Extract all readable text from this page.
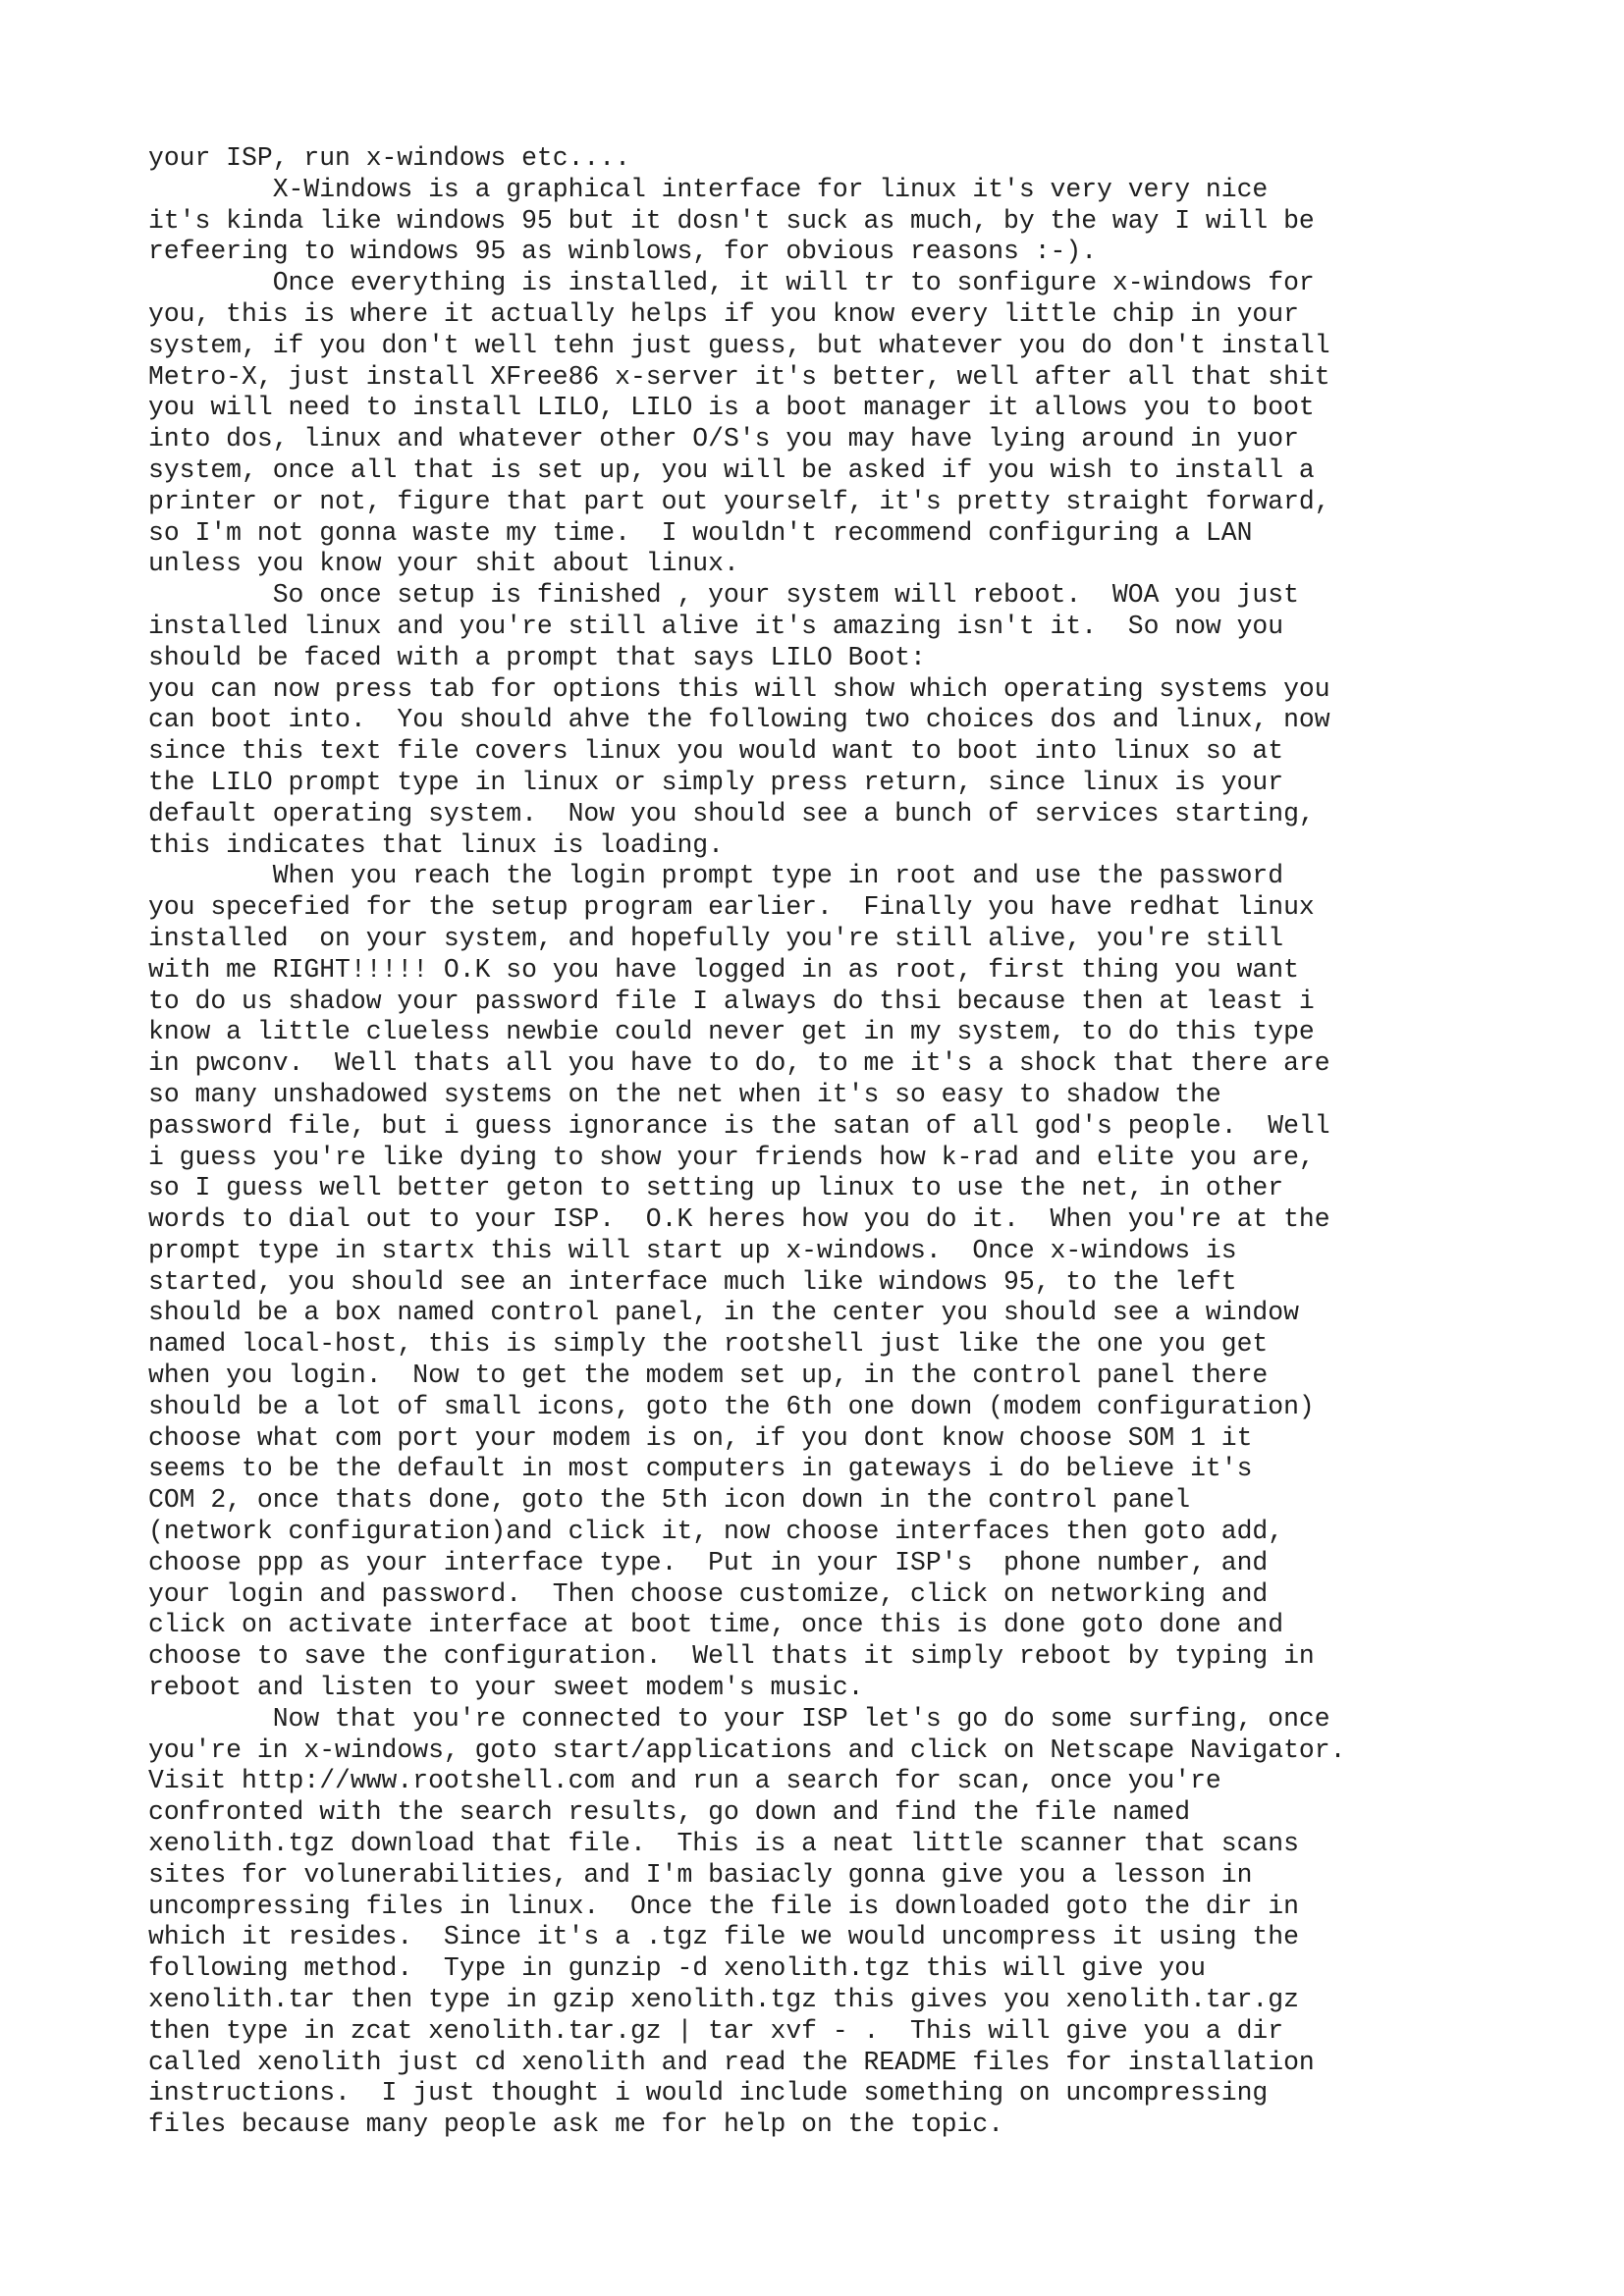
your ISP, run x-windows etc....
X-Windows is a graphical interface for linux it's very very nice
it's kinda like windows 95 but it dosn't suck as much, by the way I will be
refeering to windows 95 as winblows, for obvious reasons :-).
Once everything is installed, it will tr to sonfigure x-windows for
you, this is where it actually helps if you know every little chip in your
system, if you don't well tehn just guess, but whatever you do don't install
Metro-X, just install XFree86 x-server it's better, well after all that shit
you will need to install LILO, LILO is a boot manager it allows you to boot
into dos, linux and whatever other O/S's you may have lying around in yuor
system, once all that is set up, you will be asked if you wish to install a
printer or not, figure that part out yourself, it's pretty straight forward,
so I'm not gonna waste my time.  I wouldn't recommend configuring a LAN
unless you know your shit about linux.
So once setup is finished , your system will reboot.  WOA you just
installed linux and you're still alive it's amazing isn't it.  So now you
should be faced with a prompt that says LILO Boot:
you can now press tab for options this will show which operating systems you
can boot into.  You should ahve the following two choices dos and linux, now
since this text file covers linux you would want to boot into linux so at
the LILO prompt type in linux or simply press return, since linux is your
default operating system.  Now you should see a bunch of services starting,
this indicates that linux is loading.
When you reach the login prompt type in root and use the password
you specefied for the setup program earlier.  Finally you have redhat linux
installed  on your system, and hopefully you're still alive, you're still
with me RIGHT!!!!! O.K so you have logged in as root, first thing you want
to do us shadow your password file I always do thsi because then at least i
know a little clueless newbie could never get in my system, to do this type
in pwconv.  Well thats all you have to do, to me it's a shock that there are
so many unshadowed systems on the net when it's so easy to shadow the
password file, but i guess ignorance is the satan of all god's people.  Well
i guess you're like dying to show your friends how k-rad and elite you are,
so I guess well better geton to setting up linux to use the net, in other
words to dial out to your ISP.  O.K heres how you do it.  When you're at the
prompt type in startx this will start up x-windows.  Once x-windows is
started, you should see an interface much like windows 95, to the left
should be a box named control panel, in the center you should see a window
named local-host, this is simply the rootshell just like the one you get
when you login.  Now to get the modem set up, in the control panel there
should be a lot of small icons, goto the 6th one down (modem configuration)
choose what com port your modem is on, if you dont know choose SOM 1 it
seems to be the default in most computers in gateways i do believe it's
COM 2, once thats done, goto the 5th icon down in the control panel
(network configuration)and click it, now choose interfaces then goto add,
choose ppp as your interface type.  Put in your ISP's  phone number, and
your login and password.  Then choose customize, click on networking and
click on activate interface at boot time, once this is done goto done and
choose to save the configuration.  Well thats it simply reboot by typing in
reboot and listen to your sweet modem's music.
Now that you're connected to your ISP let's go do some surfing, once
you're in x-windows, goto start/applications and click on Netscape Navigator.
Visit http://www.rootshell.com and run a search for scan, once you're
confronted with the search results, go down and find the file named
xenolith.tgz download that file.  This is a neat little scanner that scans
sites for volunerabilities, and I'm basiacly gonna give you a lesson in
uncompressing files in linux.  Once the file is downloaded goto the dir in
which it resides.  Since it's a .tgz file we would uncompress it using the
following method.  Type in gunzip -d xenolith.tgz this will give you
xenolith.tar then type in gzip xenolith.tgz this gives you xenolith.tar.gz
then type in zcat xenolith.tar.gz | tar xvf - .  This will give you a dir
called xenolith just cd xenolith and read the README files for installation
instructions.  I just thought i would include something on uncompressing
files because many people ask me for help on the topic.
